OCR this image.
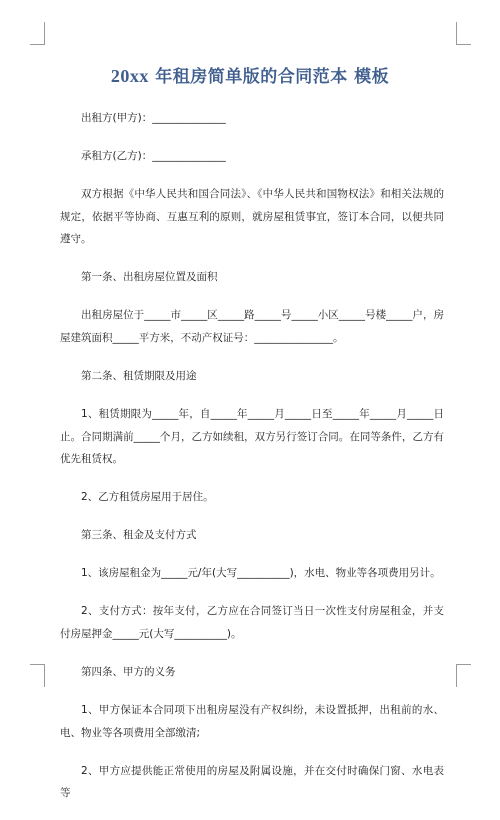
20xx 年租房简单版的合同范本 模板

出租方(甲方)：______________

承租方(乙方)：______________

双方根据《中华人民共和国合同法》、《中华人民共和国物权法》和相关法规的规定，依据平等协商、互惠互利的原则，就房屋租赁事宜，签订本合同，以便共同遵守。

第一条、出租房屋位置及面积

出租房屋位于_____市_____区_____路_____号_____小区_____号楼_____户，房屋建筑面积_____平方米，不动产权证号：_______________。

第二条、租赁期限及用途

1、租赁期限为_____年，自_____年_____月_____日至_____年_____月_____日止。合同期满前_____个月，乙方如续租，双方另行签订合同。在同等条件，乙方有优先租赁权。

2、乙方租赁房屋用于居住。

第三条、租金及支付方式

1、该房屋租金为_____元/年(大写__________)，水电、物业等各项费用另计。

2、支付方式：按年支付，乙方应在合同签订当日一次性支付房屋租金，并支付房屋押金_____元(大写__________)。

第四条、甲方的义务

1、甲方保证本合同项下出租房屋没有产权纠纷，未设置抵押，出租前的水、电、物业等各项费用全部缴清;

2、甲方应提供能正常使用的房屋及附属设施，并在交付时确保门窗、水电表等
